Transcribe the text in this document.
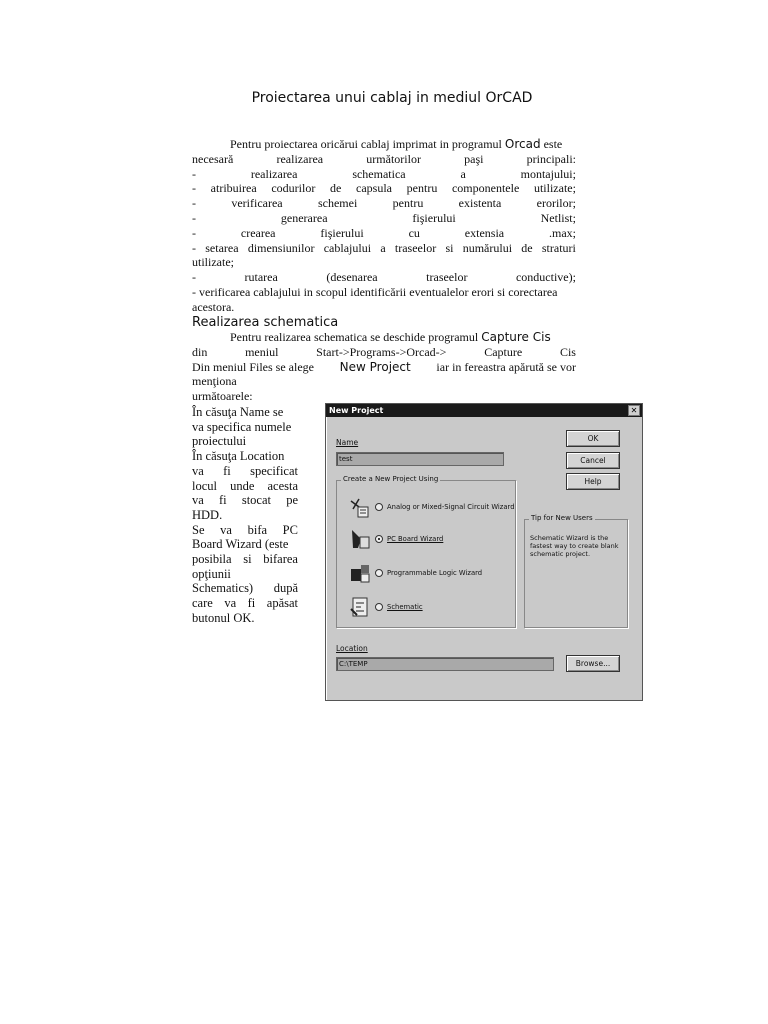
Proiectarea unui cablaj in mediul OrCAD
Pentru proiectarea oricărui cablaj imprimat in programul Orcad este
necesară	realizarea	următorilor	paşi	principali:
-	realizarea	schematica	a	montajului;
- atribuirea codurilor de capsula pentru componentele utilizate;
-	verificarea	schemei	pentru	existenta	erorilor;
-	generarea	fişierului	Netlist;
-	crearea	fişierului	cu	extensia	.max;
- setarea dimensiunilor cablajului a traseelor si numărului de straturi
utilizate;
-	rutarea	(desenarea	traseelor	conductive);
- verificarea cablajului in scopul identificării eventualelor erori si corectarea
acestora.
Realizarea schematica
Pentru realizarea schematica se deschide programul Capture Cis
din	meniul	Start->Programs->Orcad->	Capture	Cis
Din meniul Files se alege New Project iar in fereastra apărută se vor
menţiona
următoarele:
În căsuţa Name se
va specifica numele
proiectului
În căsuţa Location
va fi specificat
locul unde acesta
va fi stocat pe
HDD.
Se va bifa PC
Board Wizard (este
posibila si bifarea
opţiunii
Schematics) după
care va fi apăsat
butonul OK.
New Project	✕
OK
Cancel
Help
Name
test
Create a New Project Using
Analog or Mixed-Signal Circuit Wizard
PC Board Wizard
Programmable Logic Wizard
Schematic
Tip for New Users
Schematic Wizard is the fastest way to create blank schematic project.
Location
C:\TEMP	Browse...
